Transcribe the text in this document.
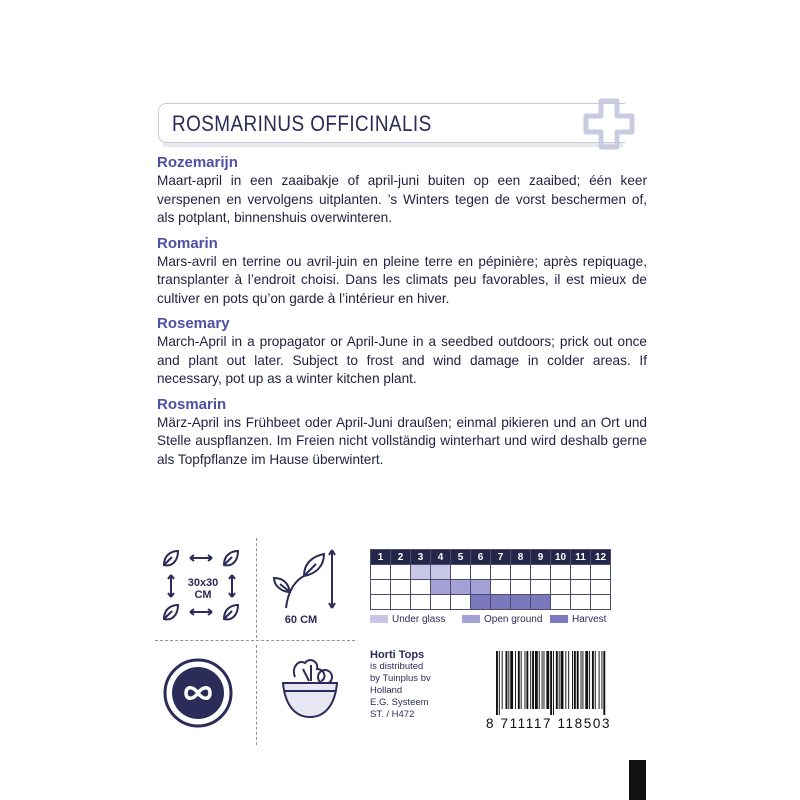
ROSMARINUS OFFICINALIS
Rozemarijn

Maart-april in een zaaibakje of april-juni buiten op een zaaibed; één keer verspenen en vervolgens uitplanten. ’s Winters tegen de vorst beschermen of, als potplant, binnenshuis overwinteren.

Romarin

Mars-avril en terrine ou avril-juin en pleine terre en pépinière; après repiquage, transplanter à l’endroit choisi. Dans les climats peu favorables, il est mieux de cultiver en pots qu’on garde à l’intérieur en hiver.

Rosemary

March-April in a propagator or April-June in a seedbed outdoors; prick out once and plant out later. Subject to frost and wind damage in colder areas. If necessary, pot up as a winter kitchen plant.

Rosmarin

März-April ins Frühbeet oder April-Juni draußen; einmal pikieren und an Ort und Stelle auspflanzen. Im Freien nicht vollständig winterhart und wird deshalb gerne als Topfpflanze im Hause überwintert.

30x30
CM
60 CM
1	2	3	4	5	6	7	8	9	10	11	12

Under glass	Open ground	Harvest
Horti Tops
is distributed
by Tuinplus bv
Holland
E.G. Systeem
ST. / H472
8 711117 118503
